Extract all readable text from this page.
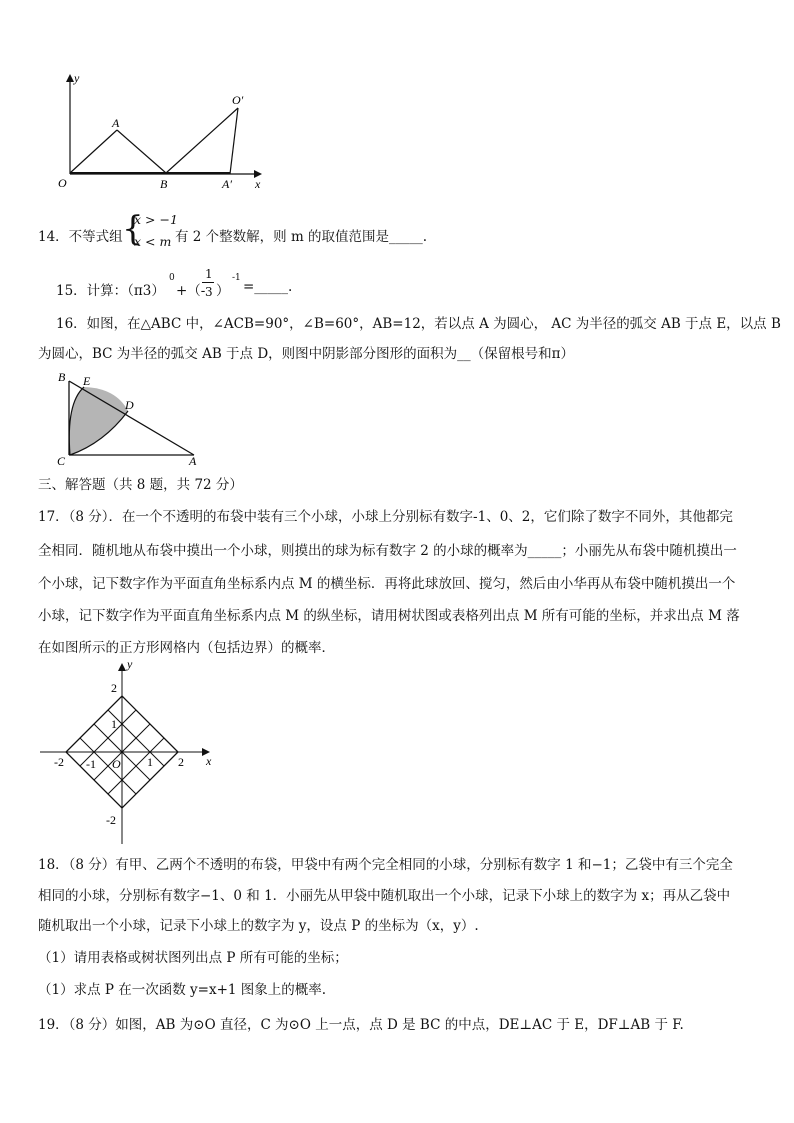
y
x
O
A
B	A′
O′
14．不等式组 {
x > −1
x < m 有 2 个整数解，则 m 的取值范围是_____.
15．计算：（π3）
0
+（-
1
3 ）
-1
=_____.
16．如图，在△ABC 中，∠ACB=90°，∠B=60°，AB=12，若以点 A 为圆心， AC 为半径的弧交 AB 于点 E，以点 B
为圆心，BC 为半径的弧交 AB 于点 D，则图中阴影部分图形的面积为__（保留根号和π）
B E
D
C	A
三、解答题（共 8 题，共 72 分）
17．（8 分）．在一个不透明的布袋中装有三个小球，小球上分别标有数字-1、0、2，它们除了数字不同外，其他都完
全相同．随机地从布袋中摸出一个小球，则摸出的球为标有数字 2 的小球的概率为_____；小丽先从布袋中随机摸出一
个小球，记下数字作为平面直角坐标系内点 M 的横坐标．再将此球放回、搅匀，然后由小华再从布袋中随机摸出一个
小球，记下数字作为平面直角坐标系内点 M 的纵坐标，请用树状图或表格列出点 M 所有可能的坐标，并求出点 M 落
在如图所示的正方形网格内（包括边界）的概率．
y
x
O
2
1
-2
-2 -1	1 2
18．（8 分）有甲、乙两个不透明的布袋，甲袋中有两个完全相同的小球，分别标有数字 1 和−1；乙袋中有三个完全
相同的小球，分别标有数字−1、0 和 1．小丽先从甲袋中随机取出一个小球，记录下小球上的数字为 x；再从乙袋中
随机取出一个小球，记录下小球上的数字为 y，设点 P 的坐标为（x，y）.
（1）请用表格或树状图列出点 P 所有可能的坐标；
（1）求点 P 在一次函数 y=x+1 图象上的概率.
19．（8 分）如图，AB 为⊙O 直径，C 为⊙O 上一点，点 D 是 BC 的中点，DE⊥AC 于 E，DF⊥AB 于 F.
